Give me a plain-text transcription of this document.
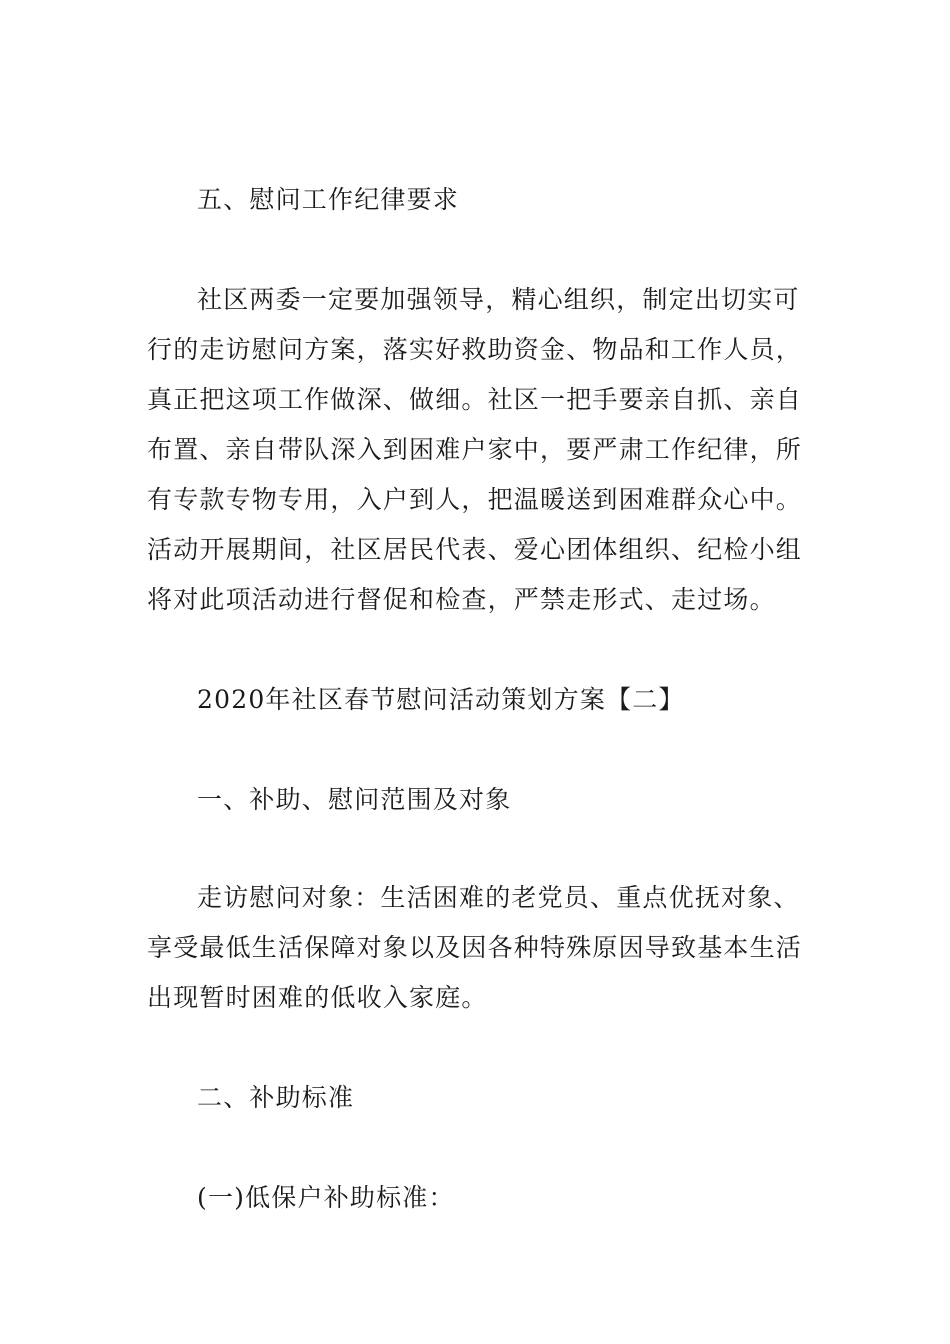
五、慰问工作纪律要求
社区两委一定要加强领导，精心组织，制定出切实可
行的走访慰问方案，落实好救助资金、物品和工作人员，
真正把这项工作做深、做细。社区一把手要亲自抓、亲自
布置、亲自带队深入到困难户家中，要严肃工作纪律，所
有专款专物专用，入户到人，把温暖送到困难群众心中。
活动开展期间，社区居民代表、爱心团体组织、纪检小组
将对此项活动进行督促和检查，严禁走形式、走过场。
2020年社区春节慰问活动策划方案【二】
一、补助、慰问范围及对象
走访慰问对象：生活困难的老党员、重点优抚对象、
享受最低生活保障对象以及因各种特殊原因导致基本生活
出现暂时困难的低收入家庭。
二、补助标准
(一)低保户补助标准：
